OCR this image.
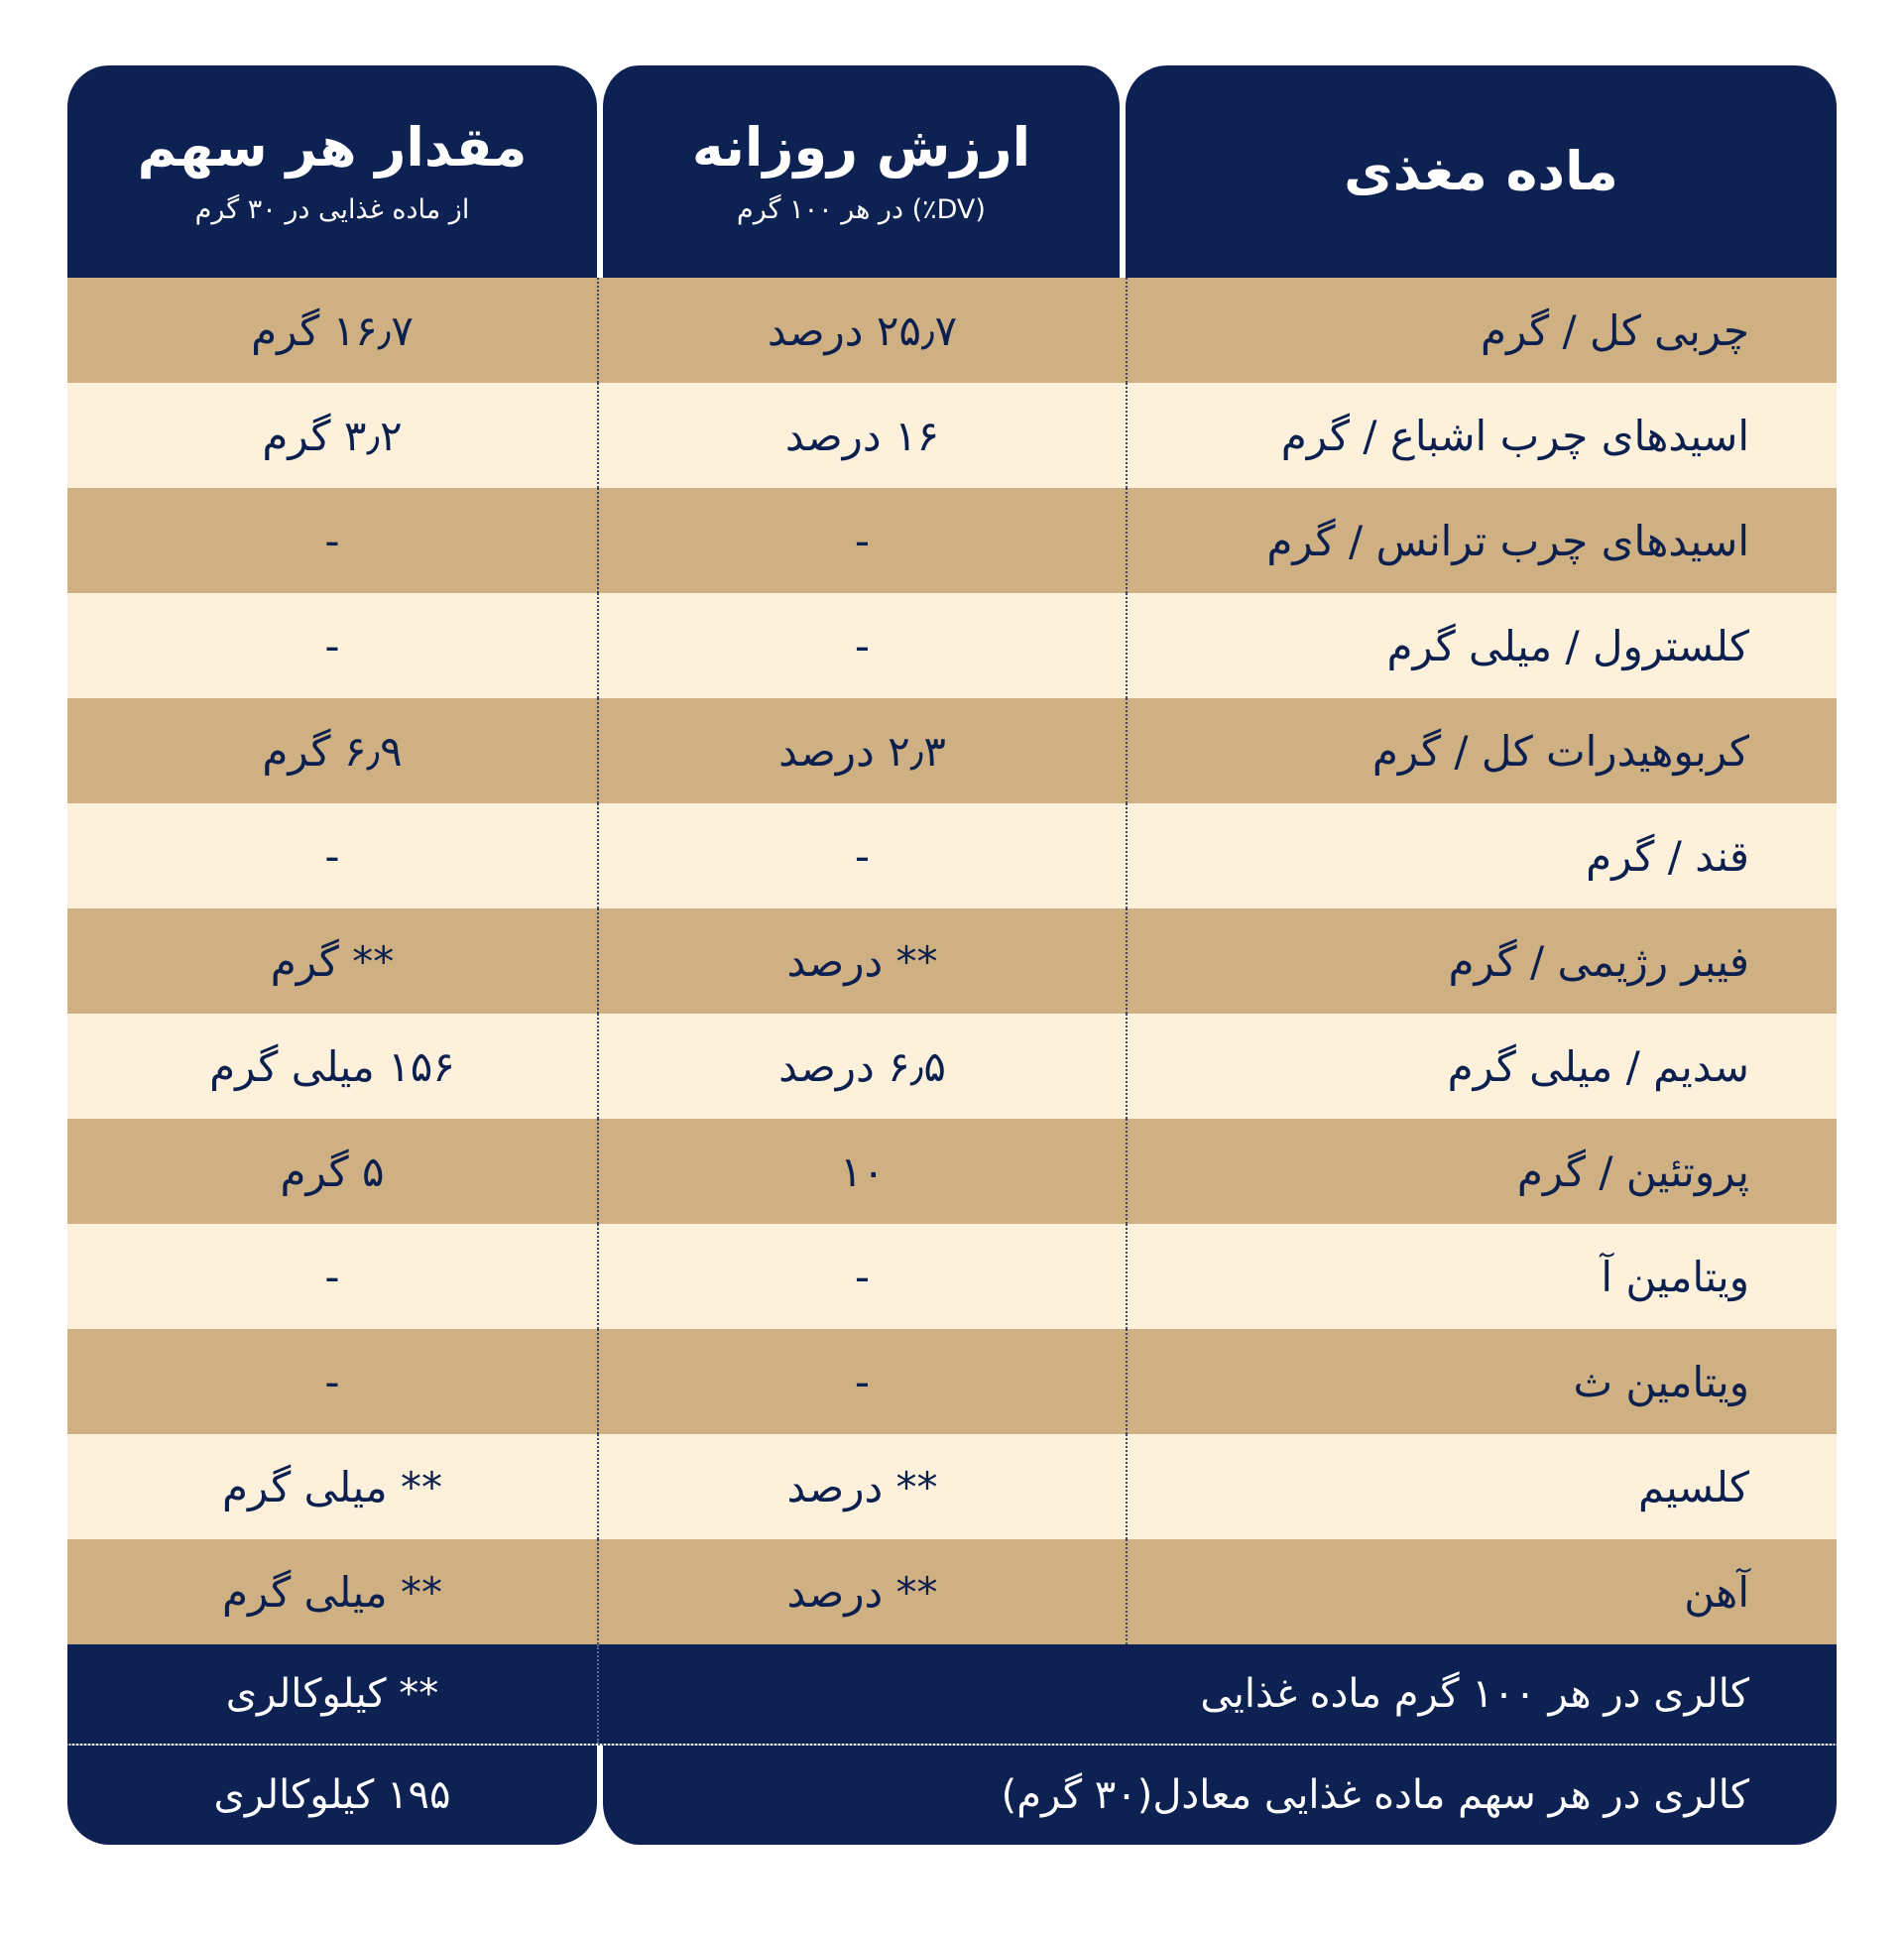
ماده مغذی
ارزش روزانه
(DV٪) در هر ۱۰۰ گرم
مقدار هر سهم
از ماده غذایی در ۳۰ گرم
چربی کل / گرم
۲۵٫۷ درصد
۱۶٫۷ گرم
اسیدهای چرب اشباع / گرم
۱۶ درصد
۳٫۲ گرم
اسیدهای چرب ترانس / گرم
-
-
کلسترول / میلی گرم
-
-
کربوهیدرات کل / گرم
۲٫۳ درصد
۶٫۹ گرم
قند / گرم
-
-
فیبر رژیمی / گرم
** درصد
** گرم
سدیم / میلی گرم
۶٫۵ درصد
۱۵۶ میلی گرم
پروتئین / گرم
۱۰
۵ گرم
ویتامین آ
-
-
ویتامین ث
-
-
کلسیم
** درصد
** میلی گرم
آهن
** درصد
** میلی گرم
کالری در هر ۱۰۰ گرم ماده غذایی
** کیلوکالری
کالری در هر سهم ماده غذایی معادل(۳۰ گرم)
۱۹۵ کیلوکالری
